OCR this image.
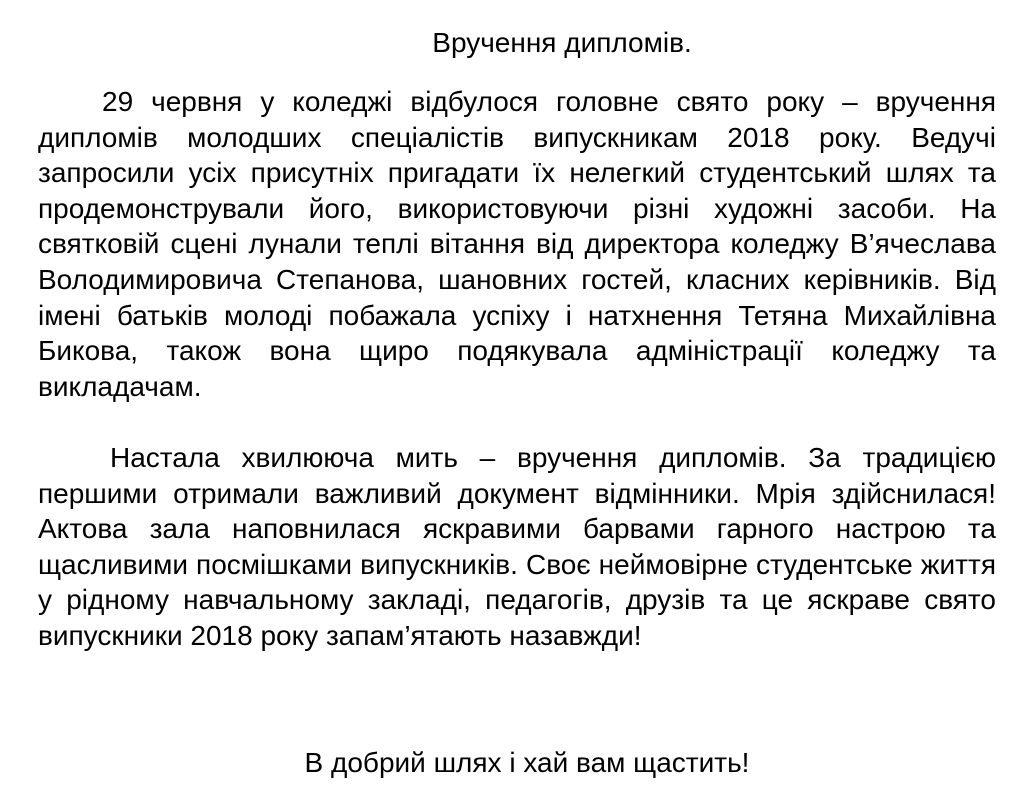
Вручення дипломів.

29 червня у коледжі відбулося головне свято року – вручення дипломів молодших спеціалістів випускникам 2018 року. Ведучі запросили усіх присутніх пригадати їх нелегкий студентський шлях та продемонстрували його, використовуючи різні художні засоби. На святковій сцені лунали теплі вітання від директора коледжу В’ячеслава Володимировича Степанова, шановних гостей, класних керівників. Від імені батьків молоді побажала успіху і натхнення Тетяна Михайлівна Бикова, також вона щиро подякувала адміністрації коледжу та викладачам.

Настала хвилююча мить – вручення дипломів. За традицією першими отримали важливий документ відмінники. Мрія здійснилася! Актова зала наповнилася яскравими барвами гарного настрою та щасливими посмішками випускників. Своє неймовірне студентське життя у рідному навчальному закладі, педагогів, друзів та це яскраве свято випускники 2018 року запам’ятають назавжди!

В добрий шлях і хай вам щастить!
